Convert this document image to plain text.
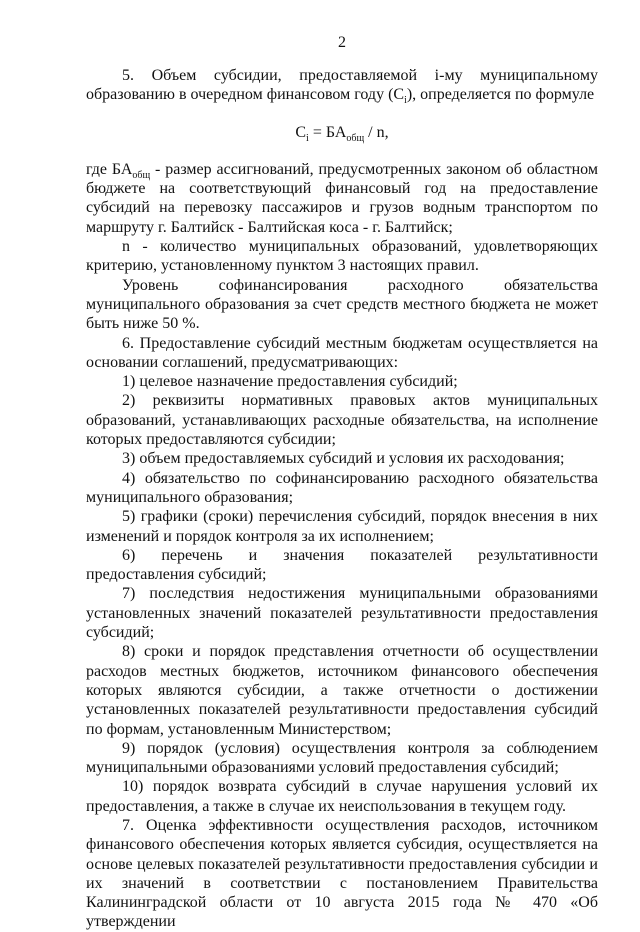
2

5. Объем субсидии, предоставляемой i-му муниципальному образованию в очередном финансовом году $(C_i)$, определяется по формуле

$C_i = БА_{общ} / n$,

где $БА_{общ}$ - размер ассигнований, предусмотренных законом об областном бюджете на соответствующий финансовый год на предоставление субсидий на перевозку пассажиров и грузов водным транспортом по маршруту г. Балтийск - Балтийская коса - г. Балтийск;

n - количество муниципальных образований, удовлетворяющих критерию, установленному пунктом 3 настоящих правил.

Уровень софинансирования расходного обязательства муниципального образования за счет средств местного бюджета не может быть ниже 50 %.

6. Предоставление субсидий местным бюджетам осуществляется на основании соглашений, предусматривающих:

1) целевое назначение предоставления субсидий;

2) реквизиты нормативных правовых актов муниципальных образований, устанавливающих расходные обязательства, на исполнение которых предоставляются субсидии;

3) объем предоставляемых субсидий и условия их расходования;

4) обязательство по софинансированию расходного обязательства муниципального образования;

5) графики (сроки) перечисления субсидий, порядок внесения в них изменений и порядок контроля за их исполнением;

6) перечень и значения показателей результативности предоставления субсидий;

7) последствия недостижения муниципальными образованиями установленных значений показателей результативности предоставления субсидий;

8) сроки и порядок представления отчетности об осуществлении расходов местных бюджетов, источником финансового обеспечения которых являются субсидии, а также отчетности о достижении установленных показателей результативности предоставления субсидий по формам, установленным Министерством;

9) порядок (условия) осуществления контроля за соблюдением муниципальными образованиями условий предоставления субсидий;

10) порядок возврата субсидий в случае нарушения условий их предоставления, а также в случае их неиспользования в текущем году.

7. Оценка эффективности осуществления расходов, источником финансового обеспечения которых является субсидия, осуществляется на основе целевых показателей результативности предоставления субсидии и их значений в соответствии с постановлением Правительства Калининградской области от 10 августа 2015 года № 470 «Об утверждении
